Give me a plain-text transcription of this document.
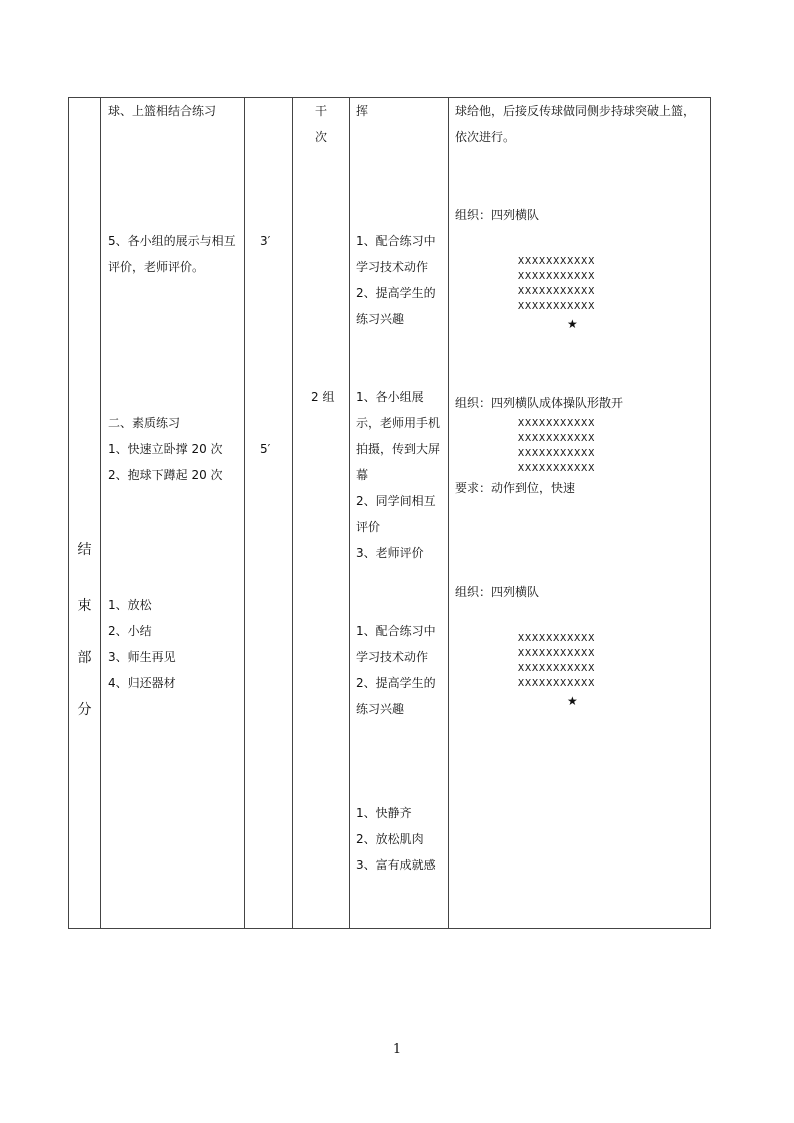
结
束
部
分
球、上篮相结合练习
5、各小组的展示与相互
评价，老师评价。
二、素质练习
1、快速立卧撑 20 次
2、抱球下蹲起 20 次
1、放松
2、小结
3、师生再见
4、归还器材
3′
5′
干
次
2 组
挥
1、配合练习中
学习技术动作
2、提高学生的
练习兴趣
1、各小组展
示，老师用手机
拍摄，传到大屏
幕
2、同学间相互
评价
3、老师评价
1、配合练习中
学习技术动作
2、提高学生的
练习兴趣
1、快静齐
2、放松肌肉
3、富有成就感
球给他，后接反传球做同侧步持球突破上篮，
依次进行。
组织：四列横队
XXXXXXXXXXX
XXXXXXXXXXX
XXXXXXXXXXX
XXXXXXXXXXX
★
组织：四列横队成体操队形散开
XXXXXXXXXXX
XXXXXXXXXXX
XXXXXXXXXXX
XXXXXXXXXXX
要求：动作到位，快速
组织：四列横队
XXXXXXXXXXX
XXXXXXXXXXX
XXXXXXXXXXX
XXXXXXXXXXX
★
1
